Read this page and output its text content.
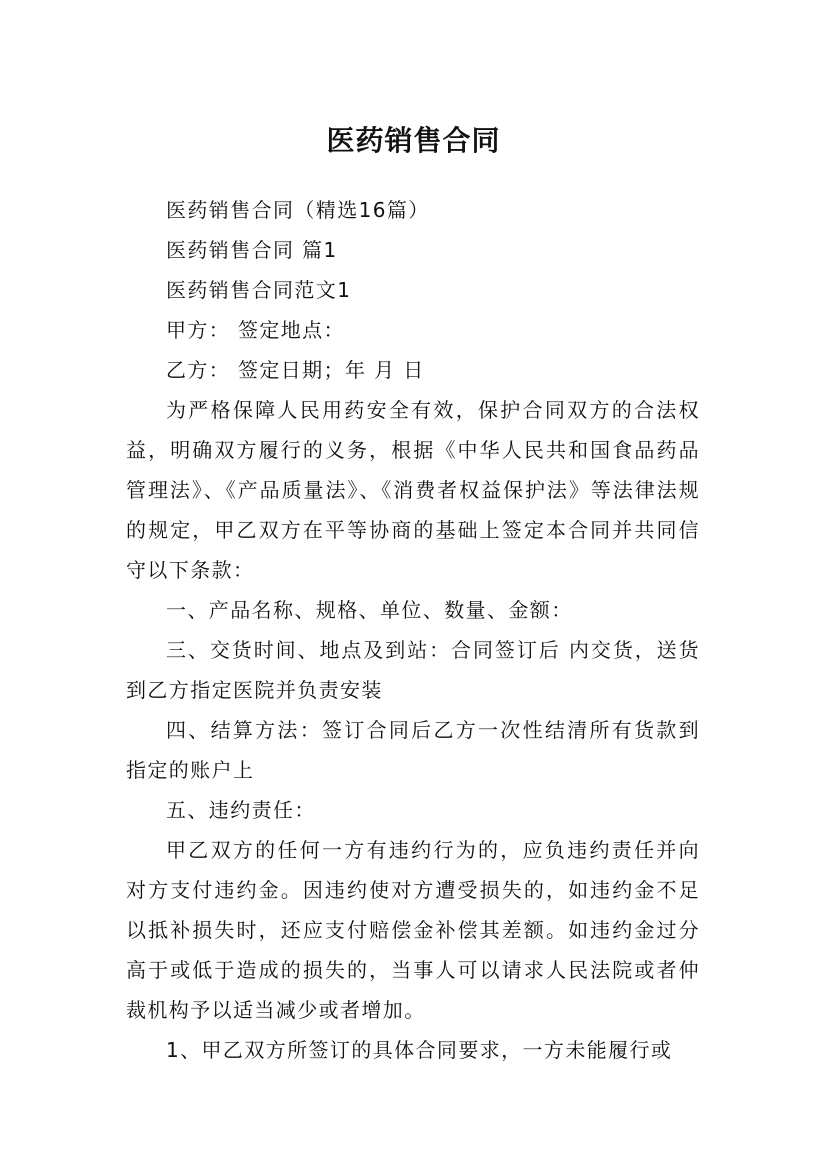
医药销售合同

医药销售合同（精选16篇）

医药销售合同 篇1

医药销售合同范文1

甲方： 签定地点：

乙方： 签定日期；年 月 日

为严格保障人民用药安全有效，保护合同双方的合法权益，明确双方履行的义务，根据《中华人民共和国食品药品管理法》、《产品质量法》、《消费者权益保护法》等法律法规的规定，甲乙双方在平等协商的基础上签定本合同并共同信守以下条款：

一、产品名称、规格、单位、数量、金额：

三、交货时间、地点及到站：合同签订后 内交货，送货到乙方指定医院并负责安装

四、结算方法：签订合同后乙方一次性结清所有货款到指定的账户上

五、违约责任：

甲乙双方的任何一方有违约行为的，应负违约责任并向对方支付违约金。因违约使对方遭受损失的，如违约金不足以抵补损失时，还应支付赔偿金补偿其差额。如违约金过分高于或低于造成的损失的，当事人可以请求人民法院或者仲裁机构予以适当减少或者增加。

1、甲乙双方所签订的具体合同要求，一方未能履行或
